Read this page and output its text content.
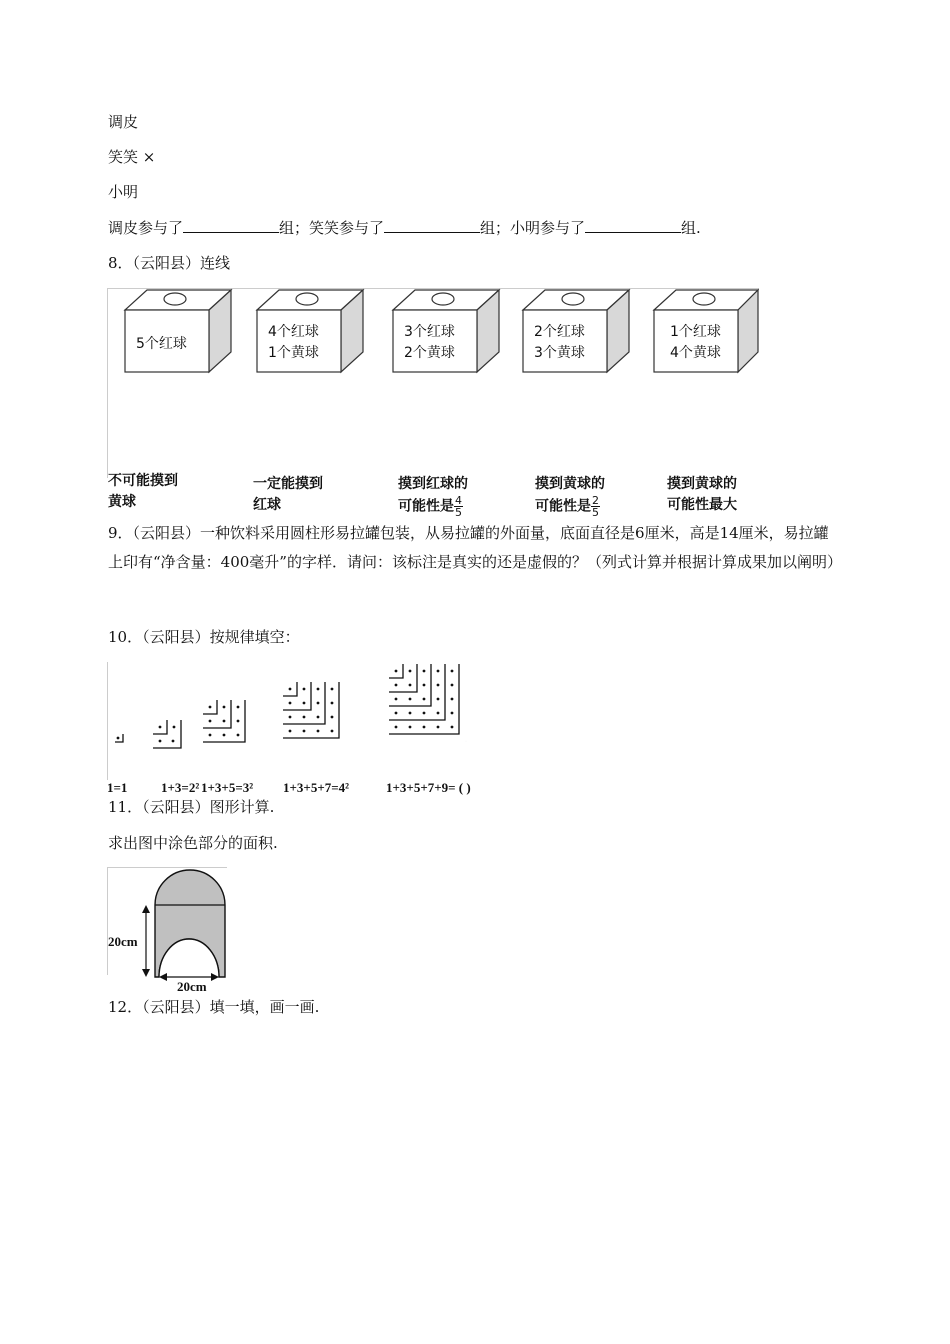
调皮
笑笑 ×
小明
调皮参与了	组；笑笑参与了	组；小明参与了	组.
8．（云阳县）连线
5个红球
4个红球
1个黄球
3个红球
2个黄球
2个红球
3个黄球
1个红球
4个黄球
不可能摸到
黄球
一定能摸到
红球
摸到红球的
可能性是 $\frac{4}{5}$
摸到黄球的
可能性是 $\frac{2}{5}$
摸到黄球的
可能性最大
9．（云阳县）一种饮料采用圆柱形易拉罐包装，从易拉罐的外面量，底面直径是6厘米，高是14厘米，易拉罐上印有“净含量：400毫升”的字样．请问：该标注是真实的还是虚假的？（列式计算并根据计算成果加以阐明）
10．（云阳县）按规律填空：
1=1	1+3=2² 1+3+5=3² 1+3+5+7=4²	1+3+5+7+9= ( )
11．（云阳县）图形计算.
求出图中涂色部分的面积.
20cm
20cm
12．（云阳县）填一填，画一画.
